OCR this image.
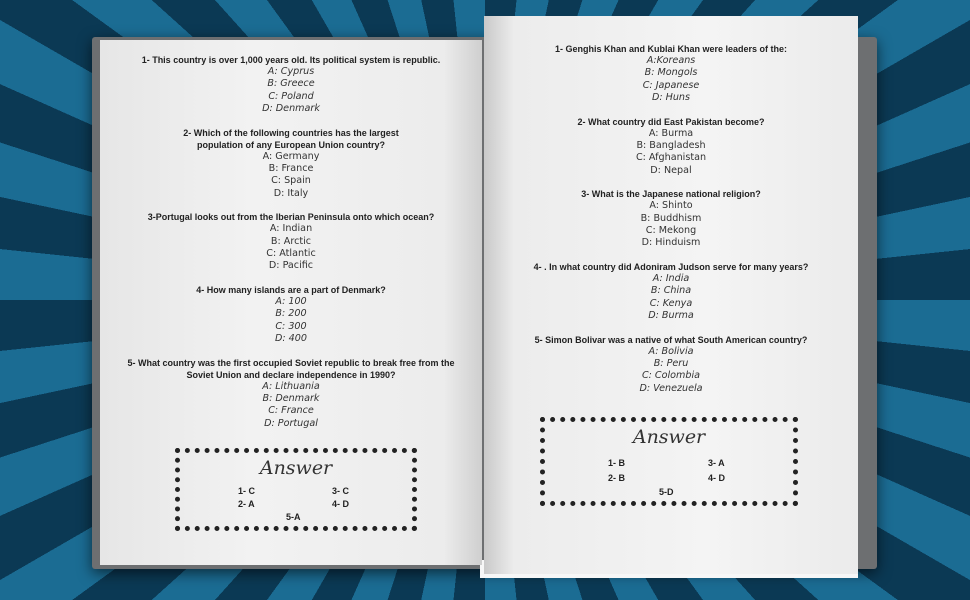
1- This country is over 1,000 years old. Its political system is republic.
A: Cyprus
B: Greece
C: Poland
D: Denmark
2- Which of the following countries has the largest population of any European Union country?
A: Germany
B: France
C: Spain
D: Italy
3-Portugal looks out from the Iberian Peninsula onto which ocean?
A: Indian
B: Arctic
C: Atlantic
D: Pacific
4- How many islands are a part of Denmark?
A: 100
B: 200
C: 300
D: 400
5- What country was the first occupied Soviet republic to break free from the Soviet Union and declare independence in 1990?
A: Lithuania
B: Denmark
C: France
D: Portugal
Answer
1- C
2- A
3- C
4- D
5-A
1- Genghis Khan and Kublai Khan were leaders of the:
A:Koreans
B: Mongols
C: Japanese
D: Huns
2- What country did East Pakistan become?
A: Burma
B: Bangladesh
C: Afghanistan
D: Nepal
3- What is the Japanese national religion?
A: Shinto
B: Buddhism
C: Mekong
D: Hinduism
4- . In what country did Adoniram Judson serve for many years?
A: India
B: China
C: Kenya
D: Burma
5- Simon Bolivar was a native of what South American country?
A: Bolivia
B: Peru
C: Colombia
D: Venezuela
Answer
1- B
2- B
3- A
4- D
5-D
